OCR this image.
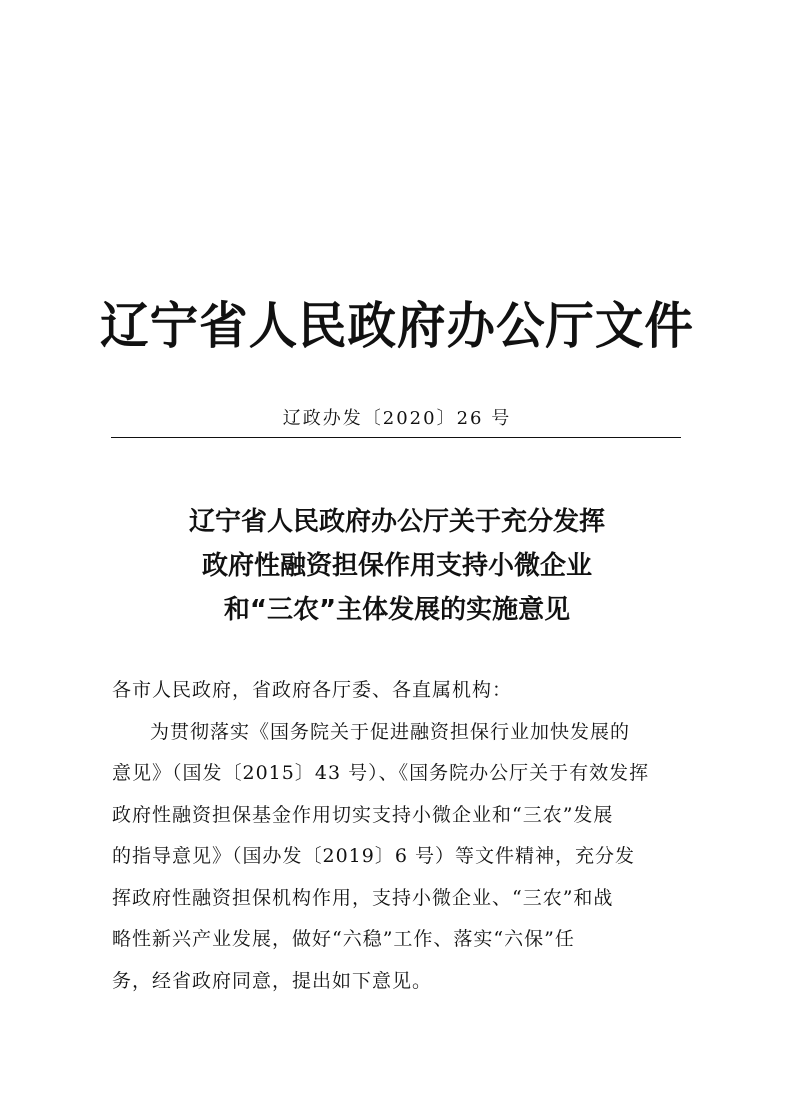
辽宁省人民政府办公厅文件
辽政办发〔2020〕26 号
辽宁省人民政府办公厅关于充分发挥
政府性融资担保作用支持小微企业
和“三农”主体发展的实施意见
各市人民政府，省政府各厅委、各直属机构：
为贯彻落实《国务院关于促进融资担保行业加快发展的
意见》（国发〔2015〕43 号）、《国务院办公厅关于有效发挥
政府性融资担保基金作用切实支持小微企业和“三农”发展
的指导意见》（国办发〔2019〕6 号）等文件精神，充分发
挥政府性融资担保机构作用，支持小微企业、“三农”和战
略性新兴产业发展，做好“六稳”工作、落实“六保”任
务，经省政府同意，提出如下意见。
